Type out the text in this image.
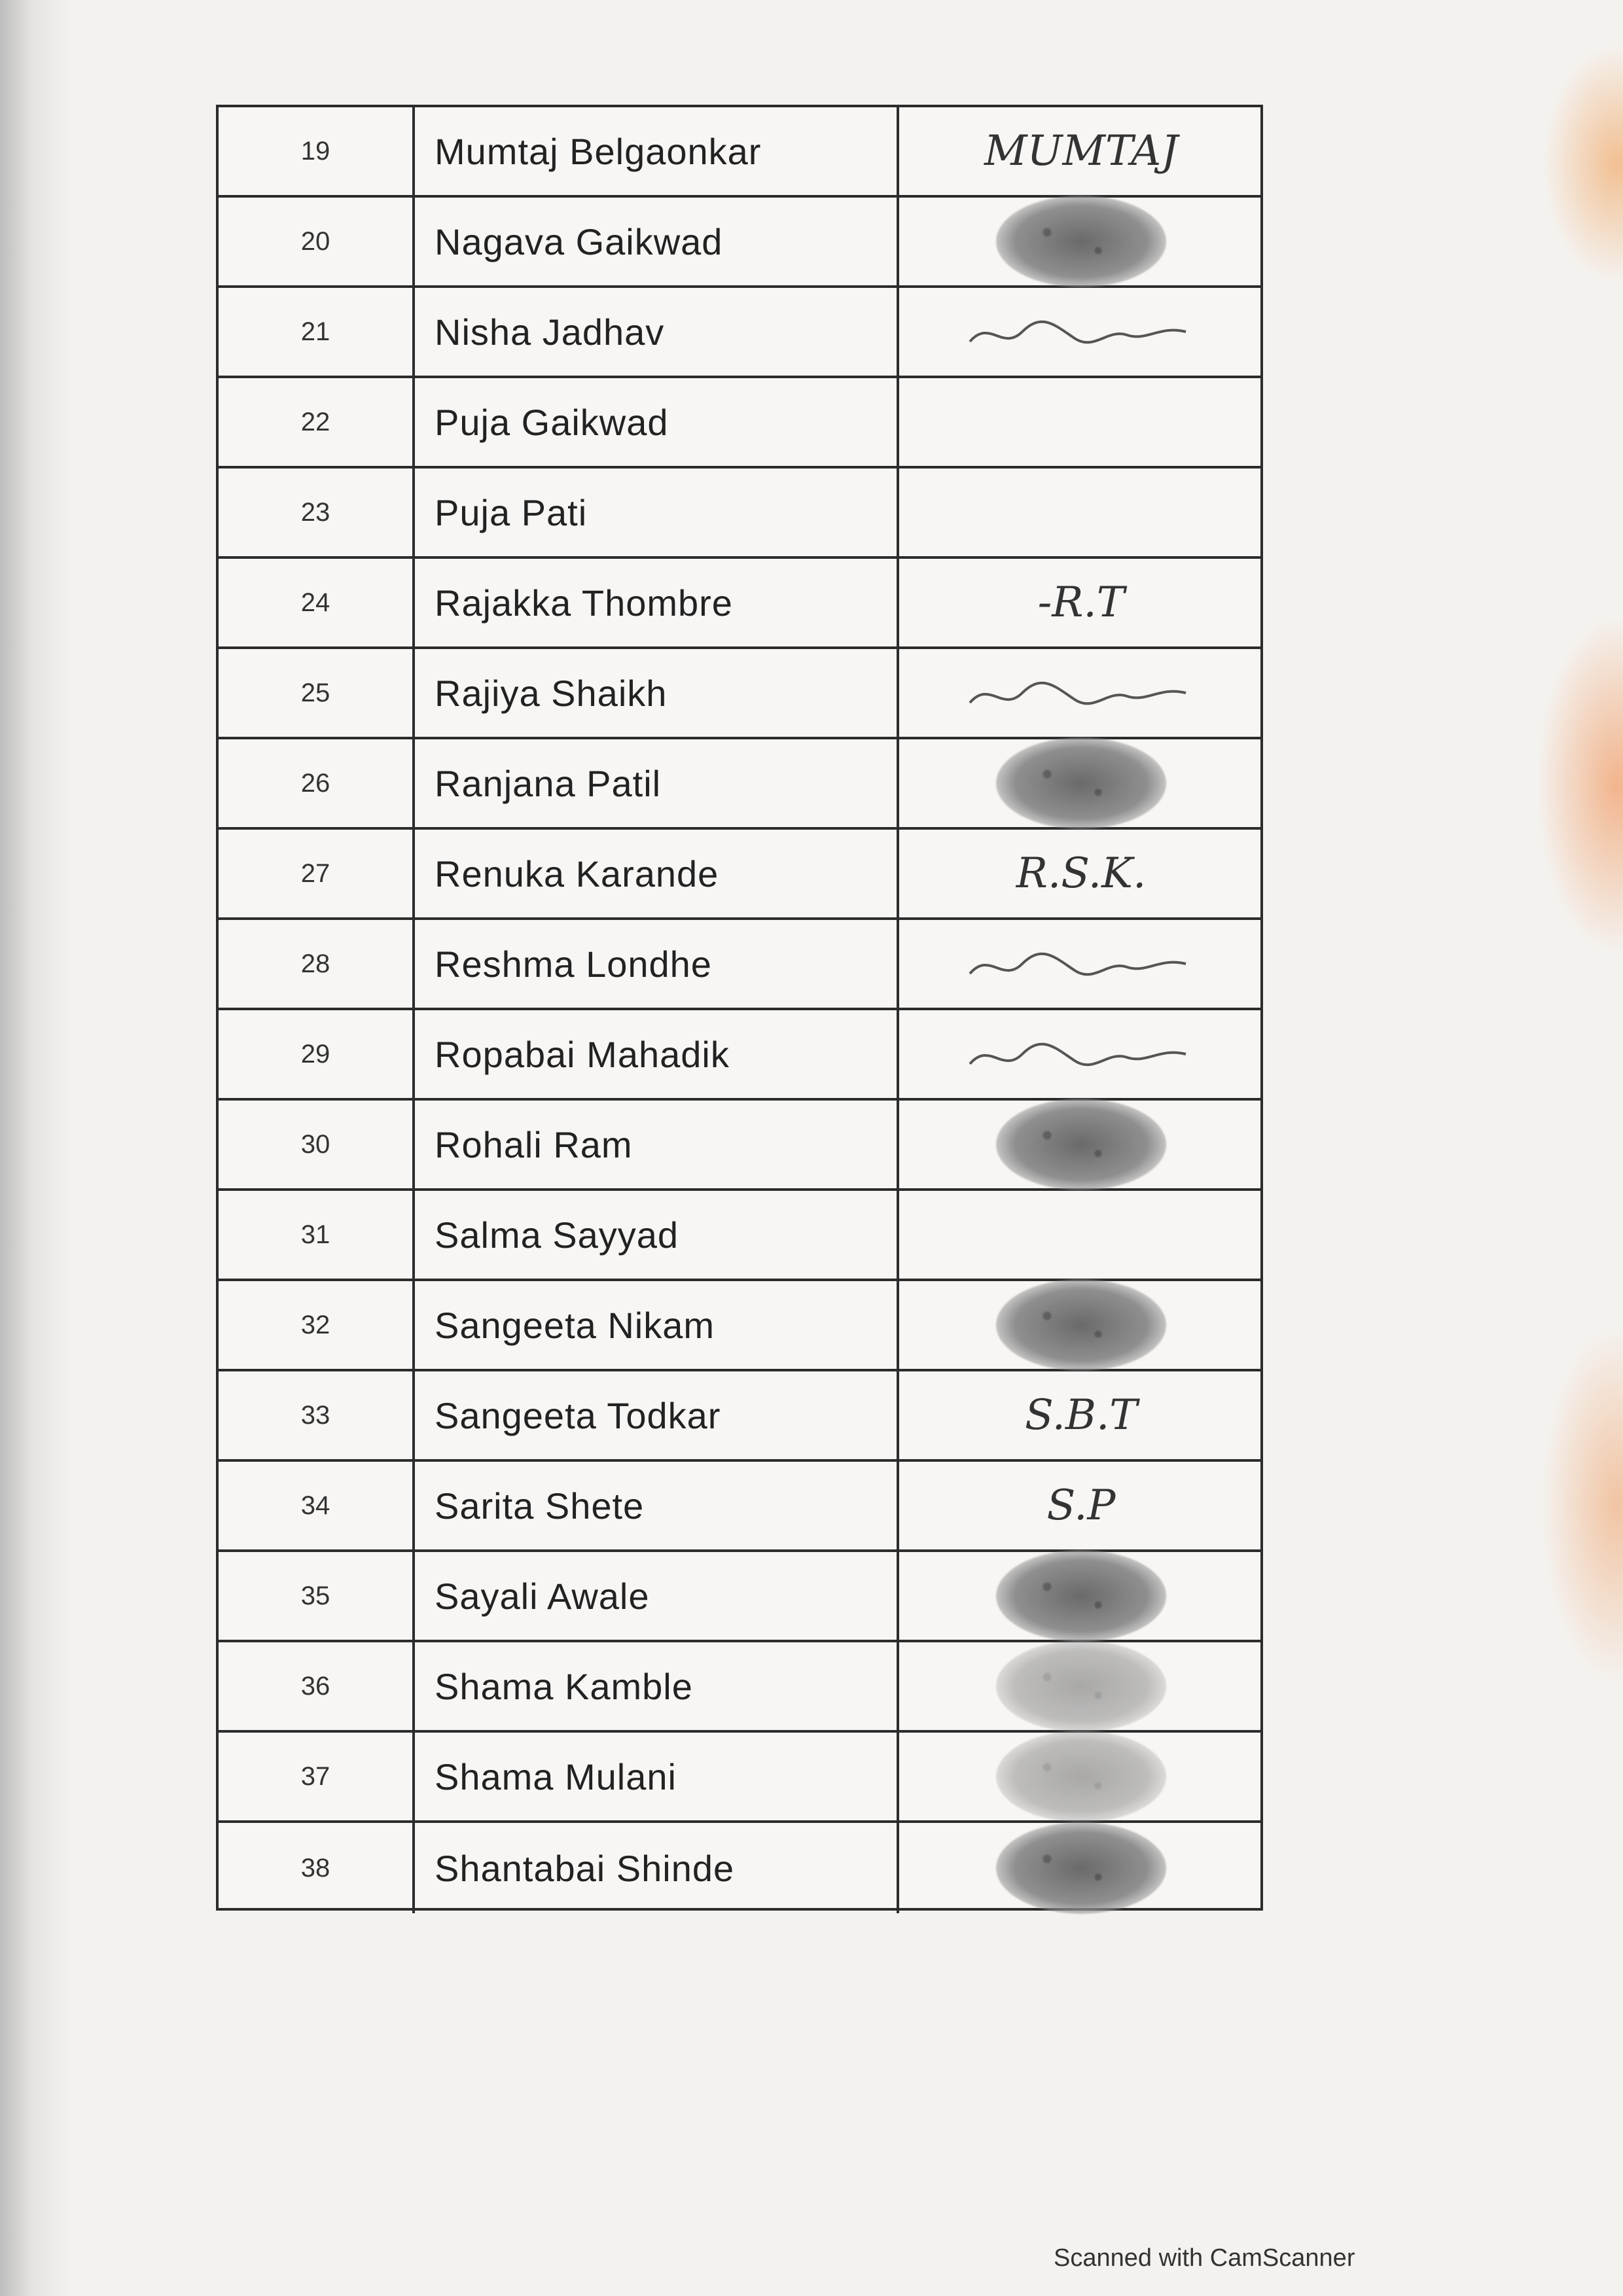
19	Mumtaj Belgaonkar	MUMTAJ
20	Nagava Gaikwad
21	Nisha Jadhav
22	Puja Gaikwad
23	Puja Pati
24	Rajakka Thombre	-R.T
25	Rajiya Shaikh
26	Ranjana Patil
27	Renuka Karande	R.S.K.
28	Reshma Londhe
29	Ropabai Mahadik
30	Rohali Ram
31	Salma Sayyad
32	Sangeeta Nikam
33	Sangeeta Todkar	S.B.T
34	Sarita Shete	S.P
35	Sayali Awale
36	Shama Kamble
37	Shama Mulani
38	Shantabai Shinde
Scanned with CamScanner
